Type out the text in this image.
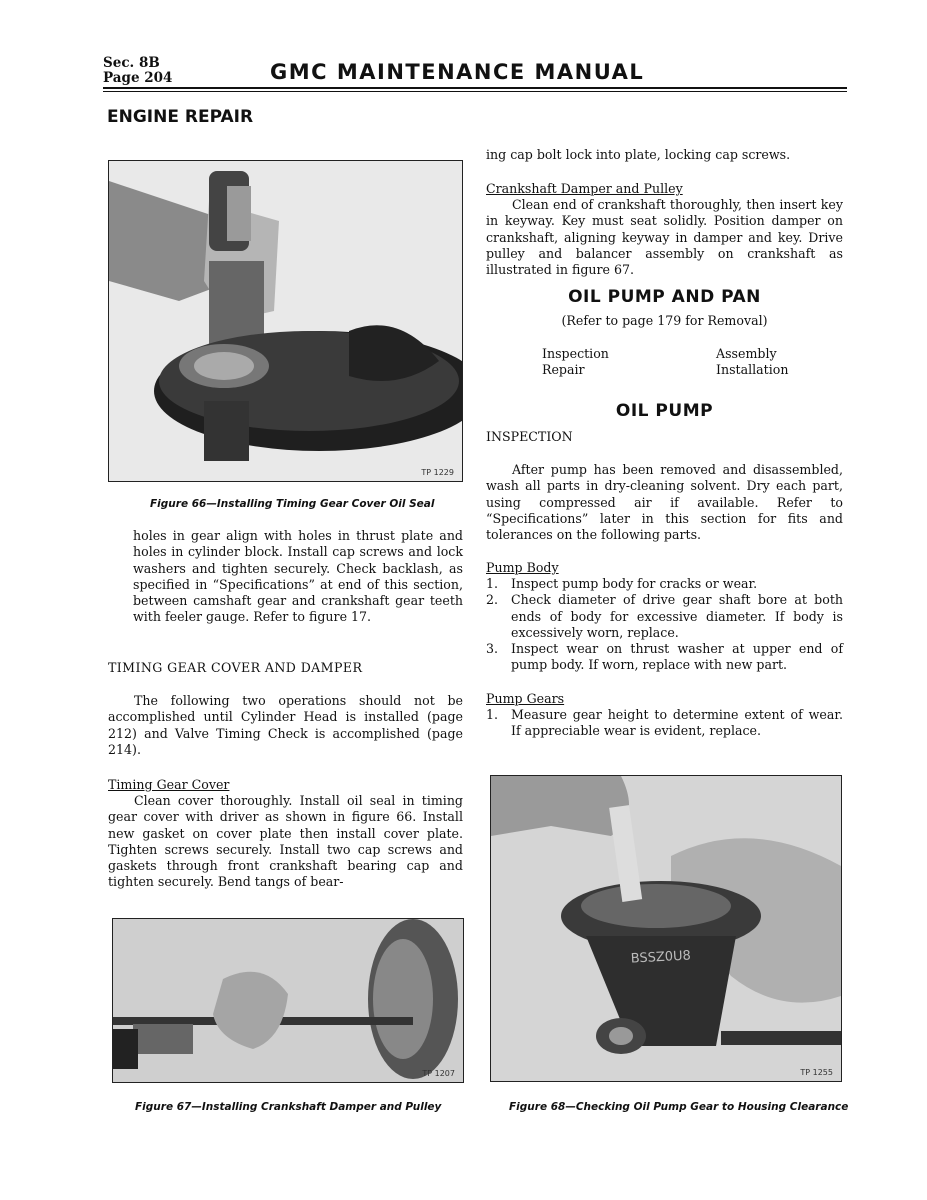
Sec. 8B
Page 204	GMC MAINTENANCE MANUAL
ENGINE REPAIR
TP 1229
Figure 66—Installing Timing Gear Cover Oil Seal

holes in gear align with holes in thrust plate and holes in cylinder block. Install cap screws and lock washers and tighten securely. Check backlash, as specified in “Specifications” at end of this section, between camshaft gear and crankshaft gear teeth with feeler gauge. Refer to figure 17.

TIMING GEAR COVER AND DAMPER

The following two operations should not be accomplished until Cylinder Head is installed (page 212) and Valve Timing Check is accomplished (page 214).

Timing Gear Cover

Clean cover thoroughly. Install oil seal in timing gear cover with driver as shown in figure 66. Install new gasket on cover plate then install cover plate. Tighten screws securely. Install two cap screws and gaskets through front crankshaft bearing cap and tighten securely. Bend tangs of bear-

TP 1207
Figure 67—Installing Crankshaft Damper and Pulley

ing cap bolt lock into plate, locking cap screws.

Crankshaft Damper and Pulley

Clean end of crankshaft thoroughly, then insert key in keyway. Key must seat solidly. Position damper on crankshaft, aligning keyway in damper and key. Drive pulley and balancer assembly on crankshaft as illustrated in figure 67.

OIL PUMP AND PAN

(Refer to page 179 for Removal)

Inspection
Repair
Assembly
Installation
OIL PUMP

INSPECTION

After pump has been removed and disassembled, wash all parts in dry-cleaning solvent. Dry each part, using compressed air if available. Refer to “Specifications” later in this section for fits and tolerances on the following parts.

Pump Body

1. Inspect pump body for cracks or wear.
2. Check diameter of drive gear shaft bore at both ends of body for excessive diameter. If body is excessively worn, replace.
3. Inspect wear on thrust washer at upper end of pump body. If worn, replace with new part.

Pump Gears

1. Measure gear height to determine extent of wear. If appreciable wear is evident, replace.
BSSZ0U8
TP 1255
Figure 68—Checking Oil Pump Gear to Housing Clearance
